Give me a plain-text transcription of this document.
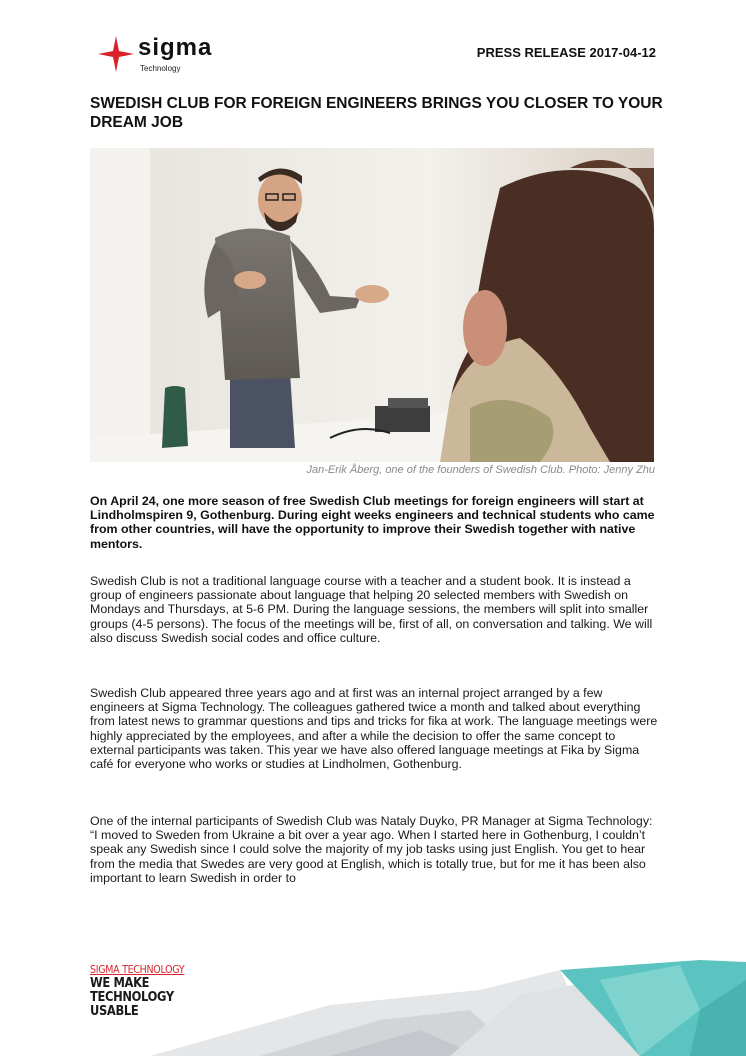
sigma
Technology
PRESS RELEASE 2017-04-12
SWEDISH CLUB FOR FOREIGN ENGINEERS BRINGS YOU CLOSER TO YOUR DREAM JOB
Jan-Erik Åberg, one of the founders of Swedish Club. Photo: Jenny Zhu
On April 24, one more season of free Swedish Club meetings for foreign engineers will start at Lindholmspiren 9, Gothenburg. During eight weeks engineers and technical students who came from other countries, will have the opportunity to improve their Swedish together with native mentors.
Swedish Club is not a traditional language course with a teacher and a student book. It is instead a group of engineers passionate about language that helping 20 selected members with Swedish on Mondays and Thursdays, at 5-6 PM. During the language sessions, the members will split into smaller groups (4-5 persons). The focus of the meetings will be, first of all, on conversation and talking. We will also discuss Swedish social codes and office culture.
Swedish Club appeared three years ago and at first was an internal project arranged by a few engineers at Sigma Technology. The colleagues gathered twice a month and talked about everything from latest news to grammar questions and tips and tricks for fika at work. The language meetings were highly appreciated by the employees, and after a while the decision to offer the same concept to external participants was taken. This year we have also offered language meetings at Fika by Sigma café for everyone who works or studies at Lindholmen, Gothenburg.
One of the internal participants of Swedish Club was Nataly Duyko, PR Manager at Sigma Technology: “I moved to Sweden from Ukraine a bit over a year ago. When I started here in Gothenburg, I couldn’t speak any Swedish since I could solve the majority of my job tasks using just English. You get to hear from the media that Swedes are very good at English, which is totally true, but for me it has been also important to learn Swedish in order to
SIGMA TECHNOLOGY
WE MAKE
TECHNOLOGY
USABLE
